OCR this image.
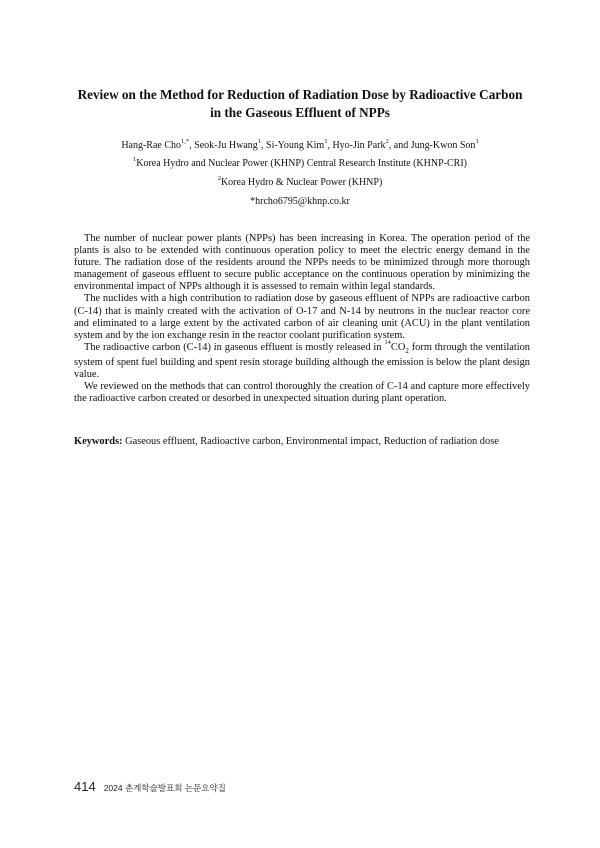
Review on the Method for Reduction of Radiation Dose by Radioactive Carbon
in the Gaseous Effluent of NPPs
Hang-Rae Cho$^{1,*}$, Seok-Ju Hwang$^1$, Si-Young Kim$^1$, Hyo-Jin Park$^2$, and Jung-Kwon Son$^1$
$^1$Korea Hydro and Nuclear Power (KHNP) Central Research Institute (KHNP-CRI)
$^2$Korea Hydro & Nuclear Power (KHNP)
*hrcho6795@khnp.co.kr

The number of nuclear power plants (NPPs) has been increasing in Korea. The operation period of the plants is also to be extended with continuous operation policy to meet the electric energy demand in the future. The radiation dose of the residents around the NPPs needs to be minimized through more thorough management of gaseous effluent to secure public acceptance on the continuous operation by minimizing the environmental impact of NPPs although it is assessed to remain within legal standards.

The nuclides with a high contribution to radiation dose by gaseous effluent of NPPs are radioactive carbon (C-14) that is mainly created with the activation of O-17 and N-14 by neutrons in the nuclear reactor core and eliminated to a large extent by the activated carbon of air cleaning unit (ACU) in the plant ventilation system and by the ion exchange resin in the reactor coolant purification system.

The radioactive carbon (C-14) in gaseous effluent is mostly released in $^{14}CO_2$ form through the ventilation system of spent fuel building and spent resin storage building although the emission is below the plant design value.

We reviewed on the methods that can control thoroughly the creation of C-14 and capture more effectively the radioactive carbon created or desorbed in unexpected situation during plant operation.

Keywords: Gaseous effluent, Radioactive carbon, Environmental impact, Reduction of radiation dose
414 2024 춘계학술발표회 논문요약집
